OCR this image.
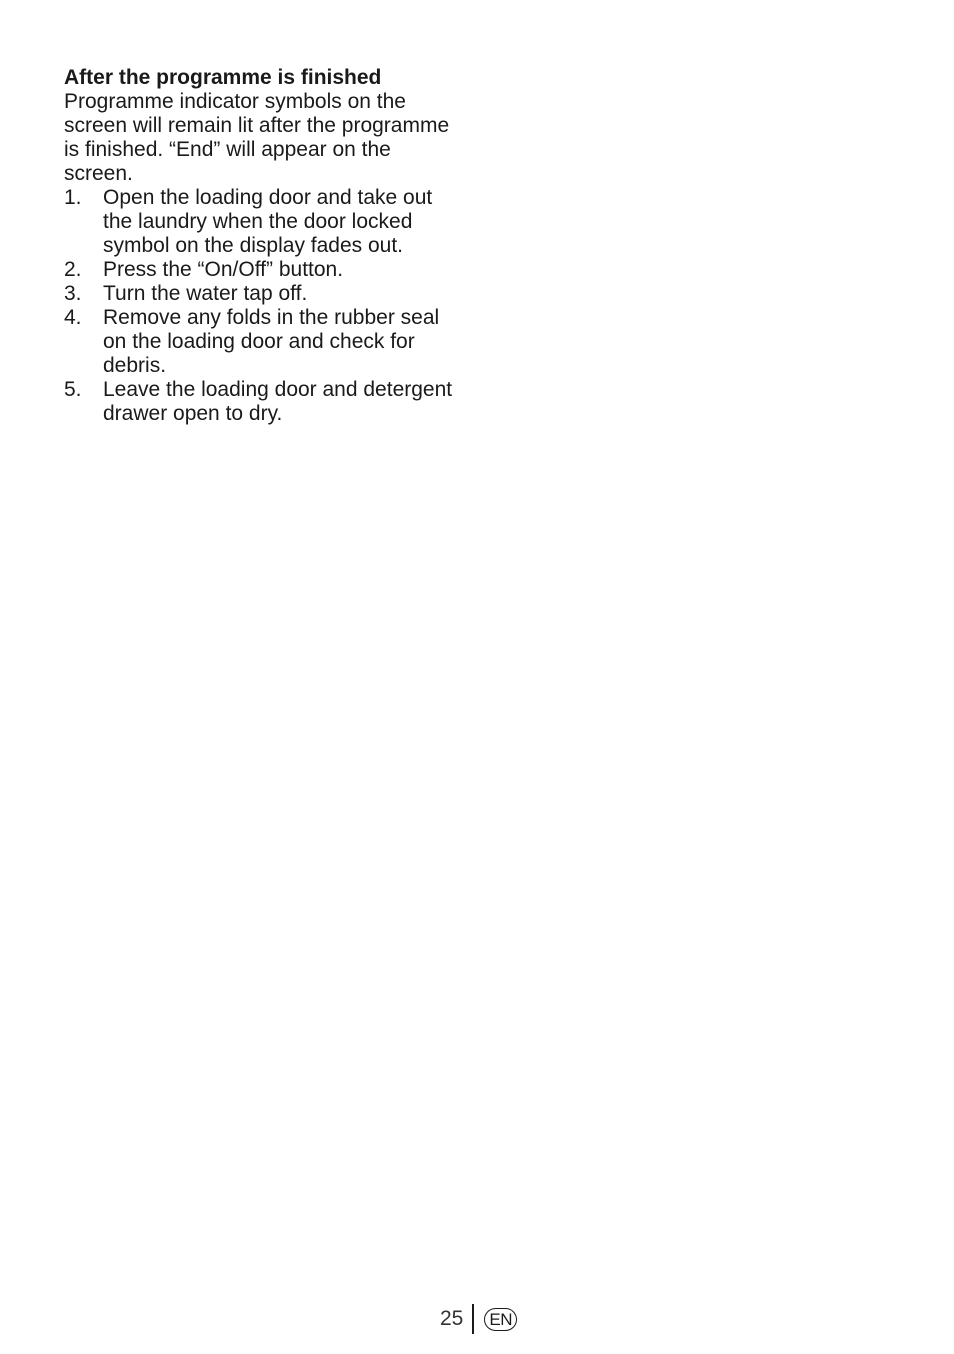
After the programme is finished

Programme indicator symbols on the screen will remain lit after the programme is finished. “End” will appear on the screen.

1.	Open the loading door and take out the laundry when the door locked symbol on the display fades out.
2.	Press the “On/Off” button.
3.	Turn the water tap off.
4.	Remove any folds in the rubber seal on the loading door and check for debris.
5.	Leave the loading door and detergent drawer open to dry.
25	EN
